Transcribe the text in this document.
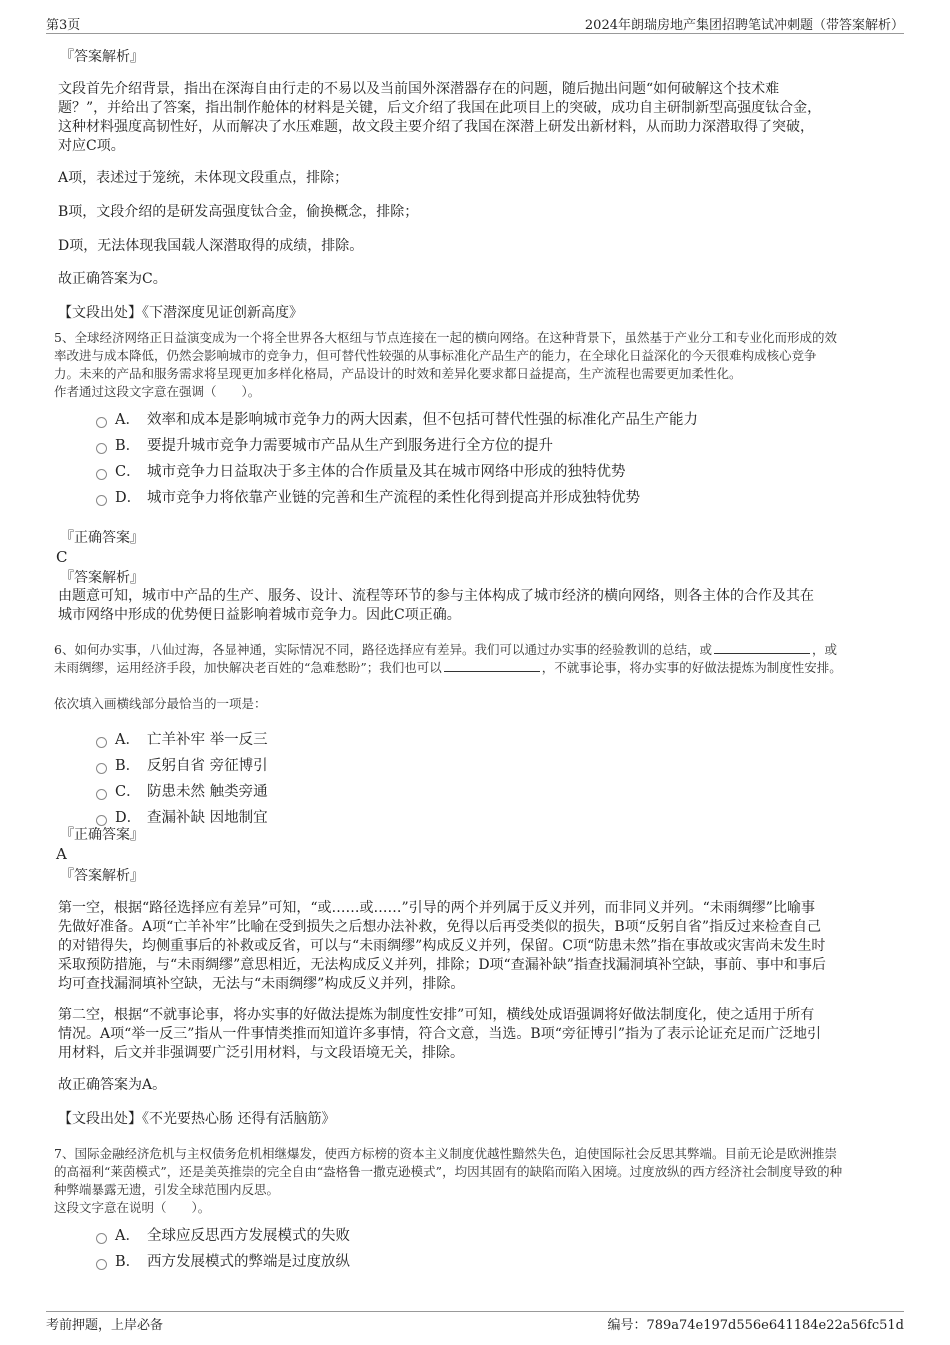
第3页	2024年朗瑞房地产集团招聘笔试冲刺题（带答案解析）
『答案解析』
文段首先介绍背景，指出在深海自由行走的不易以及当前国外深潜器存在的问题，随后抛出问题“如何破解这个技术难
题？”，并给出了答案，指出制作舱体的材料是关键，后文介绍了我国在此项目上的突破，成功自主研制新型高强度钛合金，
这种材料强度高韧性好，从而解决了水压难题，故文段主要介绍了我国在深潜上研发出新材料，从而助力深潜取得了突破，
对应C项。
A项，表述过于笼统，未体现文段重点，排除；
B项，文段介绍的是研发高强度钛合金，偷换概念，排除；
D项，无法体现我国载人深潜取得的成绩，排除。
故正确答案为C。
【文段出处】《下潜深度见证创新高度》
5、全球经济网络正日益演变成为一个将全世界各大枢纽与节点连接在一起的横向网络。在这种背景下，虽然基于产业分工和专业化而形成的效
率改进与成本降低，仍然会影响城市的竞争力，但可替代性较强的从事标准化产品生产的能力，在全球化日益深化的今天很难构成核心竞争
力。未来的产品和服务需求将呈现更加多样化格局，产品设计的时效和差异化要求都日益提高，生产流程也需要更加柔性化。
作者通过这段文字意在强调（　　）。
A． 效率和成本是影响城市竞争力的两大因素，但不包括可替代性强的标准化产品生产能力
B． 要提升城市竞争力需要城市产品从生产到服务进行全方位的提升
C． 城市竞争力日益取决于多主体的合作质量及其在城市网络中形成的独特优势
D． 城市竞争力将依靠产业链的完善和生产流程的柔性化得到提高并形成独特优势
『正确答案』
C
『答案解析』
由题意可知，城市中产品的生产、服务、设计、流程等环节的参与主体构成了城市经济的横向网络，则各主体的合作及其在
城市网络中形成的优势便日益影响着城市竞争力。因此C项正确。
6、如何办实事，八仙过海，各显神通，实际情况不同，路径选择应有差异。我们可以通过办实事的经验教训的总结，或	，或
未雨绸缪，运用经济手段，加快解决老百姓的“急难愁盼”；我们也可以	，不就事论事，将办实事的好做法提炼为制度性安排。
依次填入画横线部分最恰当的一项是：
A． 亡羊补牢 举一反三
B． 反躬自省 旁征博引
C． 防患未然 触类旁通
D． 查漏补缺 因地制宜
『正确答案』
A
『答案解析』
第一空，根据“路径选择应有差异”可知，“或……或……”引导的两个并列属于反义并列，而非同义并列。“未雨绸缪”比喻事
先做好准备。A项“亡羊补牢”比喻在受到损失之后想办法补救，免得以后再受类似的损失，B项“反躬自省”指反过来检查自己
的对错得失，均侧重事后的补救或反省，可以与“未雨绸缪”构成反义并列，保留。C项“防患未然”指在事故或灾害尚未发生时
采取预防措施，与“未雨绸缪”意思相近，无法构成反义并列，排除；D项“查漏补缺”指查找漏洞填补空缺，事前、事中和事后
均可查找漏洞填补空缺，无法与“未雨绸缪”构成反义并列，排除。
第二空，根据“不就事论事，将办实事的好做法提炼为制度性安排”可知，横线处成语强调将好做法制度化，使之适用于所有
情况。A项“举一反三”指从一件事情类推而知道许多事情，符合文意，当选。B项“旁征博引”指为了表示论证充足而广泛地引
用材料，后文并非强调要广泛引用材料，与文段语境无关，排除。
故正确答案为A。
【文段出处】《不光要热心肠 还得有活脑筋》
7、国际金融经济危机与主权债务危机相继爆发，使西方标榜的资本主义制度优越性黯然失色，迫使国际社会反思其弊端。目前无论是欧洲推崇
的高福利“莱茵模式”，还是美英推崇的完全自由“盎格鲁一撒克逊模式”，均因其固有的缺陷而陷入困境。过度放纵的西方经济社会制度导致的种
种弊端暴露无遗，引发全球范围内反思。
这段文字意在说明（　　）。
A． 全球应反思西方发展模式的失败
B． 西方发展模式的弊端是过度放纵
考前押题，上岸必备	编号：789a74e197d556e641184e22a56fc51d
